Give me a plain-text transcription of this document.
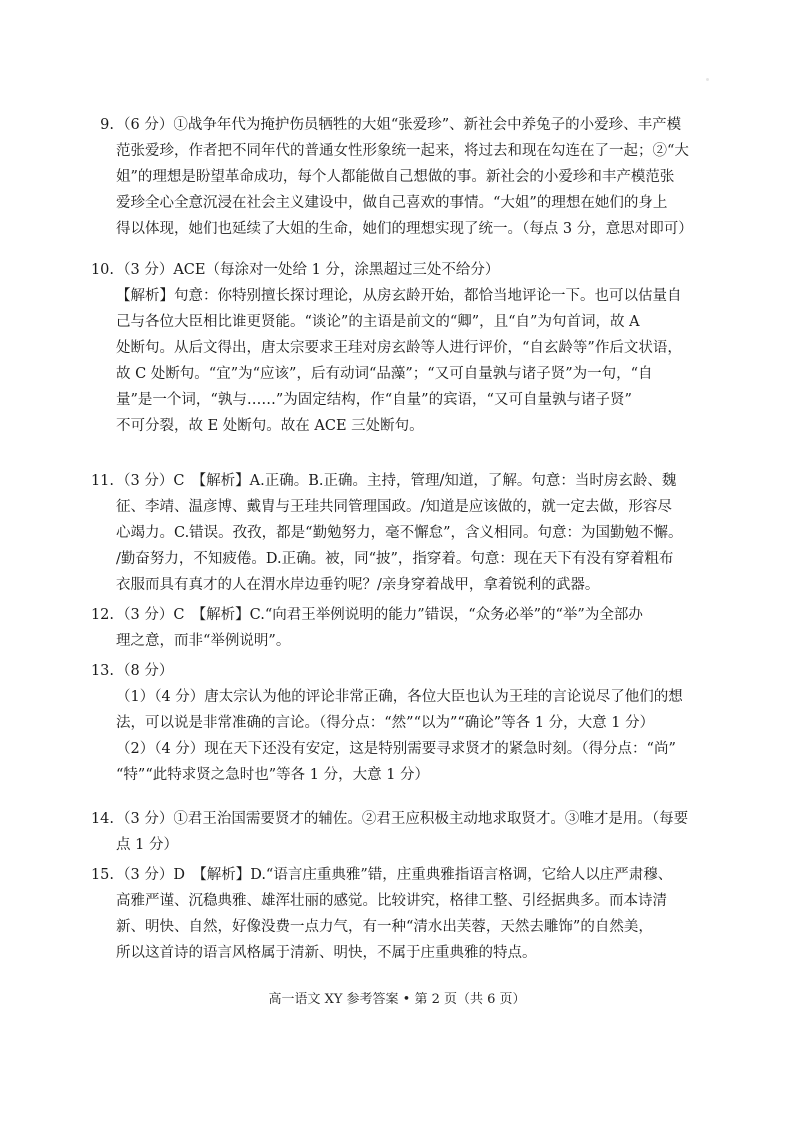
9. （6 分）①战争年代为掩护伤员牺牲的大姐“张爱珍”、新社会中养兔子的小爱珍、丰产模
范张爱珍，作者把不同年代的普通女性形象统一起来，将过去和现在勾连在了一起；②“大
姐”的理想是盼望革命成功，每个人都能做自己想做的事。新社会的小爱珍和丰产模范张
爱珍全心全意沉浸在社会主义建设中，做自己喜欢的事情。“大姐”的理想在她们的身上
得以体现，她们也延续了大姐的生命，她们的理想实现了统一。（每点 3 分，意思对即可）
10. （3 分）ACE（每涂对一处给 1 分，涂黑超过三处不给分）
【解析】句意：你特别擅长探讨理论，从房玄龄开始，都恰当地评论一下。也可以估量自
己与各位大臣相比谁更贤能。“谈论”的主语是前文的“卿”，且“自”为句首词，故 A
处断句。从后文得出，唐太宗要求王珪对房玄龄等人进行评价，“自玄龄等”作后文状语，
故 C 处断句。“宜”为“应该”，后有动词“品藻”；“又可自量孰与诸子贤”为一句，“自
量”是一个词，“孰与……”为固定结构，作“自量”的宾语，“又可自量孰与诸子贤”
不可分裂，故 E 处断句。故在 ACE 三处断句。
11. （3 分）C　【解析】A.正确。B.正确。主持，管理/知道，了解。句意：当时房玄龄、魏
征、李靖、温彦博、戴胄与王珪共同管理国政。/知道是应该做的，就一定去做，形容尽
心竭力。C.错误。孜孜，都是“勤勉努力，毫不懈怠”，含义相同。句意：为国勤勉不懈。
/勤奋努力，不知疲倦。D.正确。被，同“披”，指穿着。句意：现在天下有没有穿着粗布
衣服而具有真才的人在渭水岸边垂钓呢？/亲身穿着战甲，拿着锐利的武器。
12. （3 分）C　【解析】C.“向君王举例说明的能力”错误，“众务必举”的“举”为全部办
理之意，而非“举例说明”。
13. （8 分）
（1）（4 分）唐太宗认为他的评论非常正确，各位大臣也认为王珪的言论说尽了他们的想
法，可以说是非常准确的言论。（得分点：“然”“以为”“确论”等各 1 分，大意 1 分）
（2）（4 分）现在天下还没有安定，这是特别需要寻求贤才的紧急时刻。（得分点：“尚”
“特”“此特求贤之急时也”等各 1 分，大意 1 分）
14. （3 分）①君王治国需要贤才的辅佐。②君王应积极主动地求取贤才。③唯才是用。（每要
点 1 分）
15. （3 分）D　【解析】D.“语言庄重典雅”错，庄重典雅指语言格调，它给人以庄严肃穆、
高雅严谨、沉稳典雅、雄浑壮丽的感觉。比较讲究，格律工整、引经据典多。而本诗清
新、明快、自然，好像没费一点力气，有一种“清水出芙蓉，天然去雕饰”的自然美，
所以这首诗的语言风格属于清新、明快，不属于庄重典雅的特点。
高一语文 XY 参考答案 • 第 2 页（共 6 页）
